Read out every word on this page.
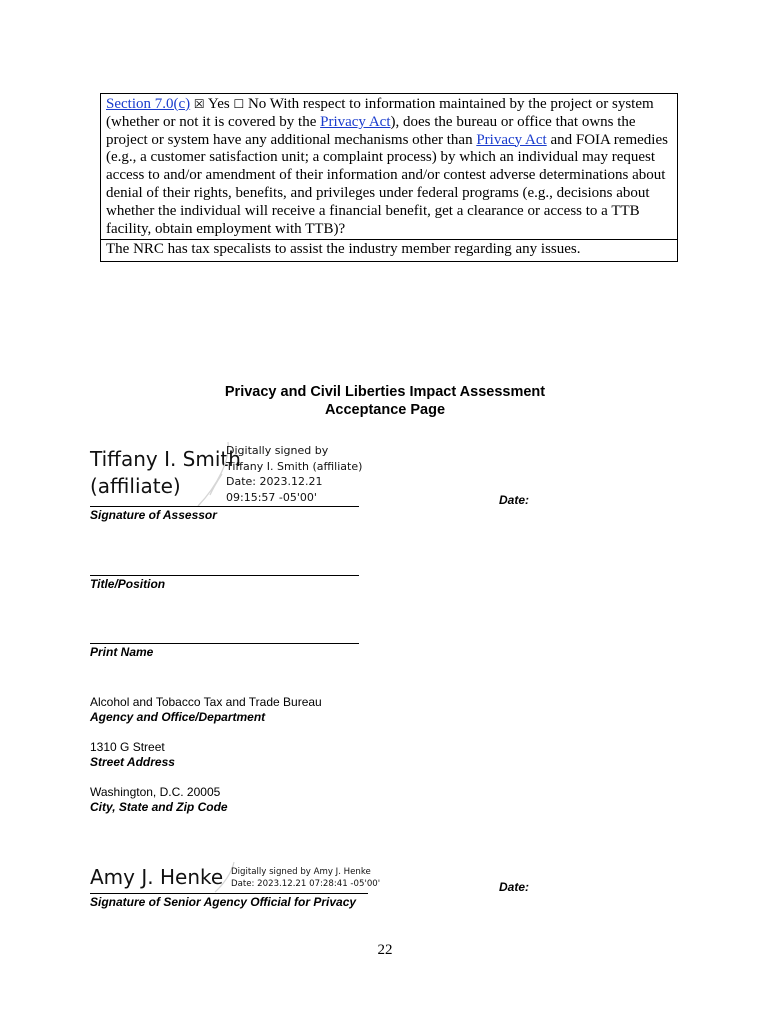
Section 7.0(c) ☒ Yes ☐ No With respect to information maintained by the project or system (whether or not it is covered by the Privacy Act), does the bureau or office that owns the project or system have any additional mechanisms other than Privacy Act and FOIA remedies (e.g., a customer satisfaction unit; a complaint process) by which an individual may request access to and/or amendment of their information and/or contest adverse determinations about denial of their rights, benefits, and privileges under federal programs (e.g., decisions about whether the individual will receive a financial benefit, get a clearance or access to a TTB facility, obtain employment with TTB)?
The NRC has tax specalists to assist the industry member regarding any issues.
Privacy and Civil Liberties Impact Assessment
Acceptance Page
Tiffany I. Smith
(affiliate)
Digitally signed by
Tiffany I. Smith (affiliate)
Date: 2023.12.21
09:15:57 -05'00'
Signature of Assessor
Date:
Title/Position
Print Name
Alcohol and Tobacco Tax and Trade Bureau
Agency and Office/Department
1310 G Street
Street Address
Washington, D.C. 20005
City, State and Zip Code
Amy J. Henke Digitally signed by Amy J. Henke
Date: 2023.12.21 07:28:41 -05'00'
Signature of Senior Agency Official for Privacy
Date:
22
